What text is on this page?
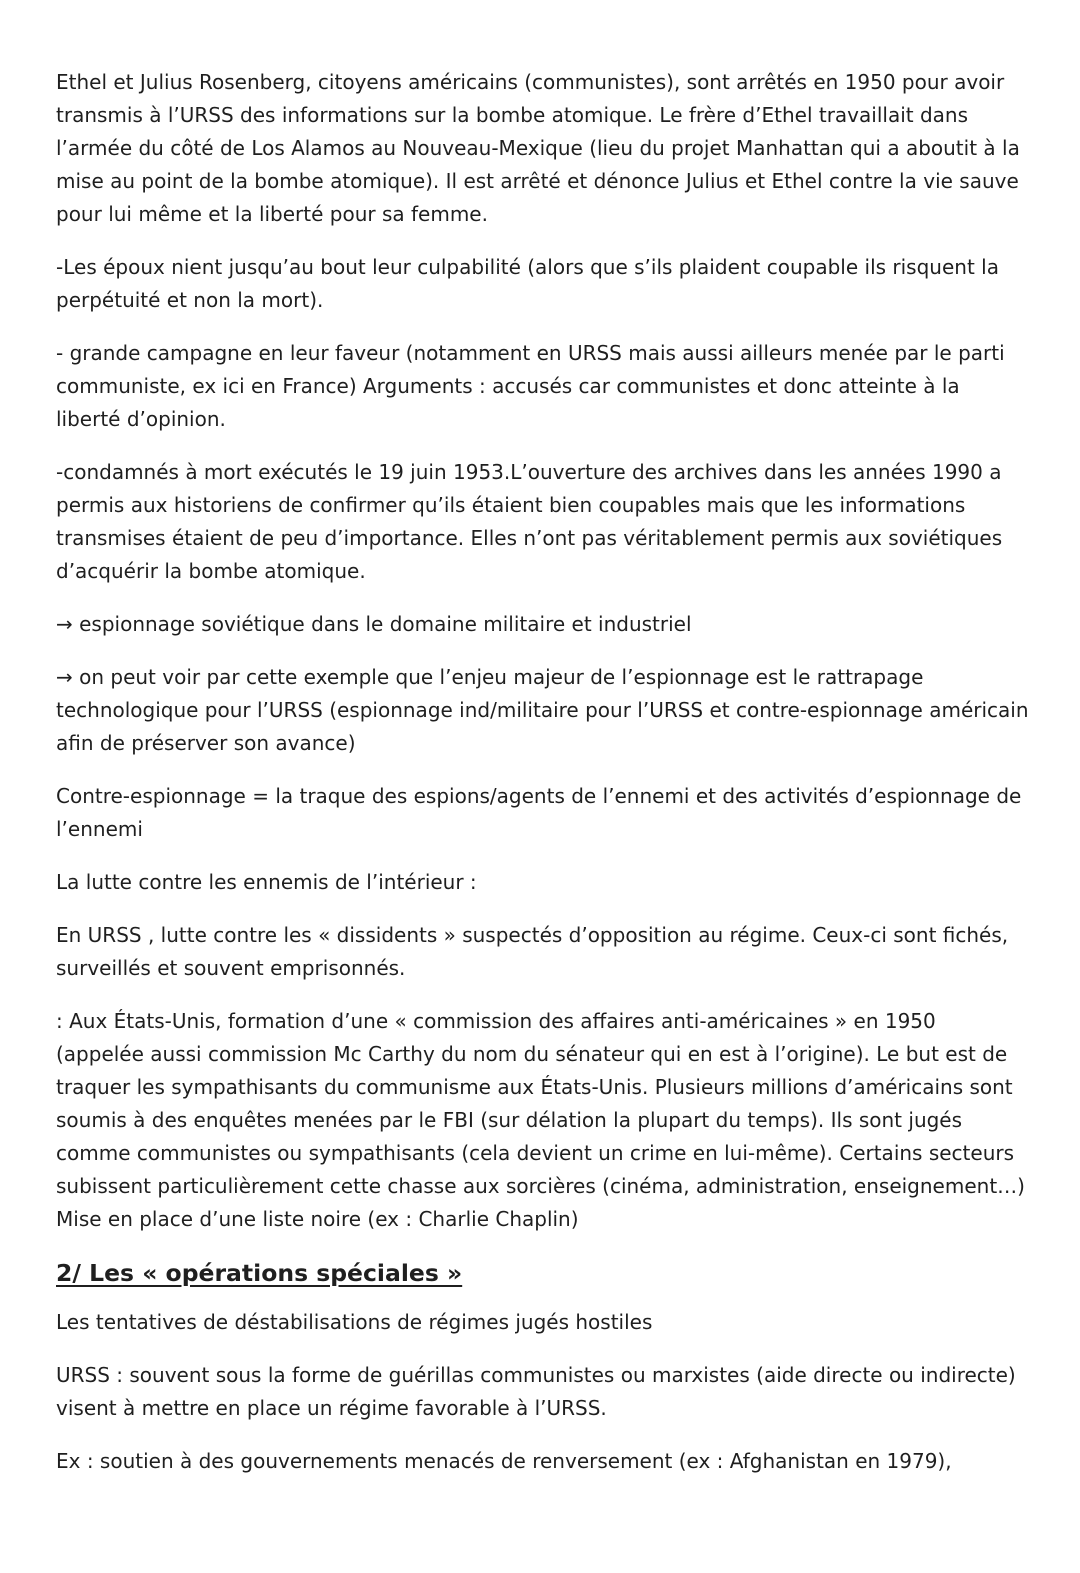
Ethel et Julius Rosenberg, citoyens américains (communistes), sont arrêtés en 1950 pour avoir transmis à l’URSS des informations sur la bombe atomique. Le frère d’Ethel travaillait dans l’armée du côté de Los Alamos au Nouveau-Mexique (lieu du projet Manhattan qui a aboutit à la mise au point de la bombe atomique). Il est arrêté et dénonce Julius et Ethel contre la vie sauve pour lui même et la liberté pour sa femme.

-Les époux nient jusqu’au bout leur culpabilité (alors que s’ils plaident coupable ils risquent la perpétuité et non la mort).

- grande campagne en leur faveur (notamment en URSS mais aussi ailleurs menée par le parti communiste, ex ici en France) Arguments : accusés car communistes et donc atteinte à la liberté d’opinion.

-condamnés à mort exécutés le 19 juin 1953.L’ouverture des archives dans les années 1990 a permis aux historiens de confirmer qu’ils étaient bien coupables mais que les informations transmises étaient de peu d’importance. Elles n’ont pas véritablement permis aux soviétiques d’acquérir la bombe atomique.

→ espionnage soviétique dans le domaine militaire et industriel

→ on peut voir par cette exemple que l’enjeu majeur de l’espionnage est le rattrapage technologique pour l’URSS (espionnage ind/militaire pour l’URSS et contre-espionnage américain afin de préserver son avance)

Contre-espionnage = la traque des espions/agents de l’ennemi et des activités d’espionnage de l’ennemi

La lutte contre les ennemis de l’intérieur :

En URSS , lutte contre les « dissidents » suspectés d’opposition au régime. Ceux-ci sont fichés, surveillés et souvent emprisonnés.

: Aux États-Unis, formation d’une « commission des affaires anti-américaines » en 1950 (appelée aussi commission Mc Carthy du nom du sénateur qui en est à l’origine). Le but est de traquer les sympathisants du communisme aux États-Unis. Plusieurs millions d’américains sont soumis à des enquêtes menées par le FBI (sur délation la plupart du temps). Ils sont jugés comme communistes ou sympathisants (cela devient un crime en lui-même). Certains secteurs subissent particulièrement cette chasse aux sorcières (cinéma, administration, enseignement…) Mise en place d’une liste noire (ex : Charlie Chaplin)

2/ Les « opérations spéciales »

Les tentatives de déstabilisations de régimes jugés hostiles

URSS : souvent sous la forme de guérillas communistes ou marxistes (aide directe ou indirecte) visent à mettre en place un régime favorable à l’URSS.

Ex : soutien à des gouvernements menacés de renversement (ex : Afghanistan en 1979),
